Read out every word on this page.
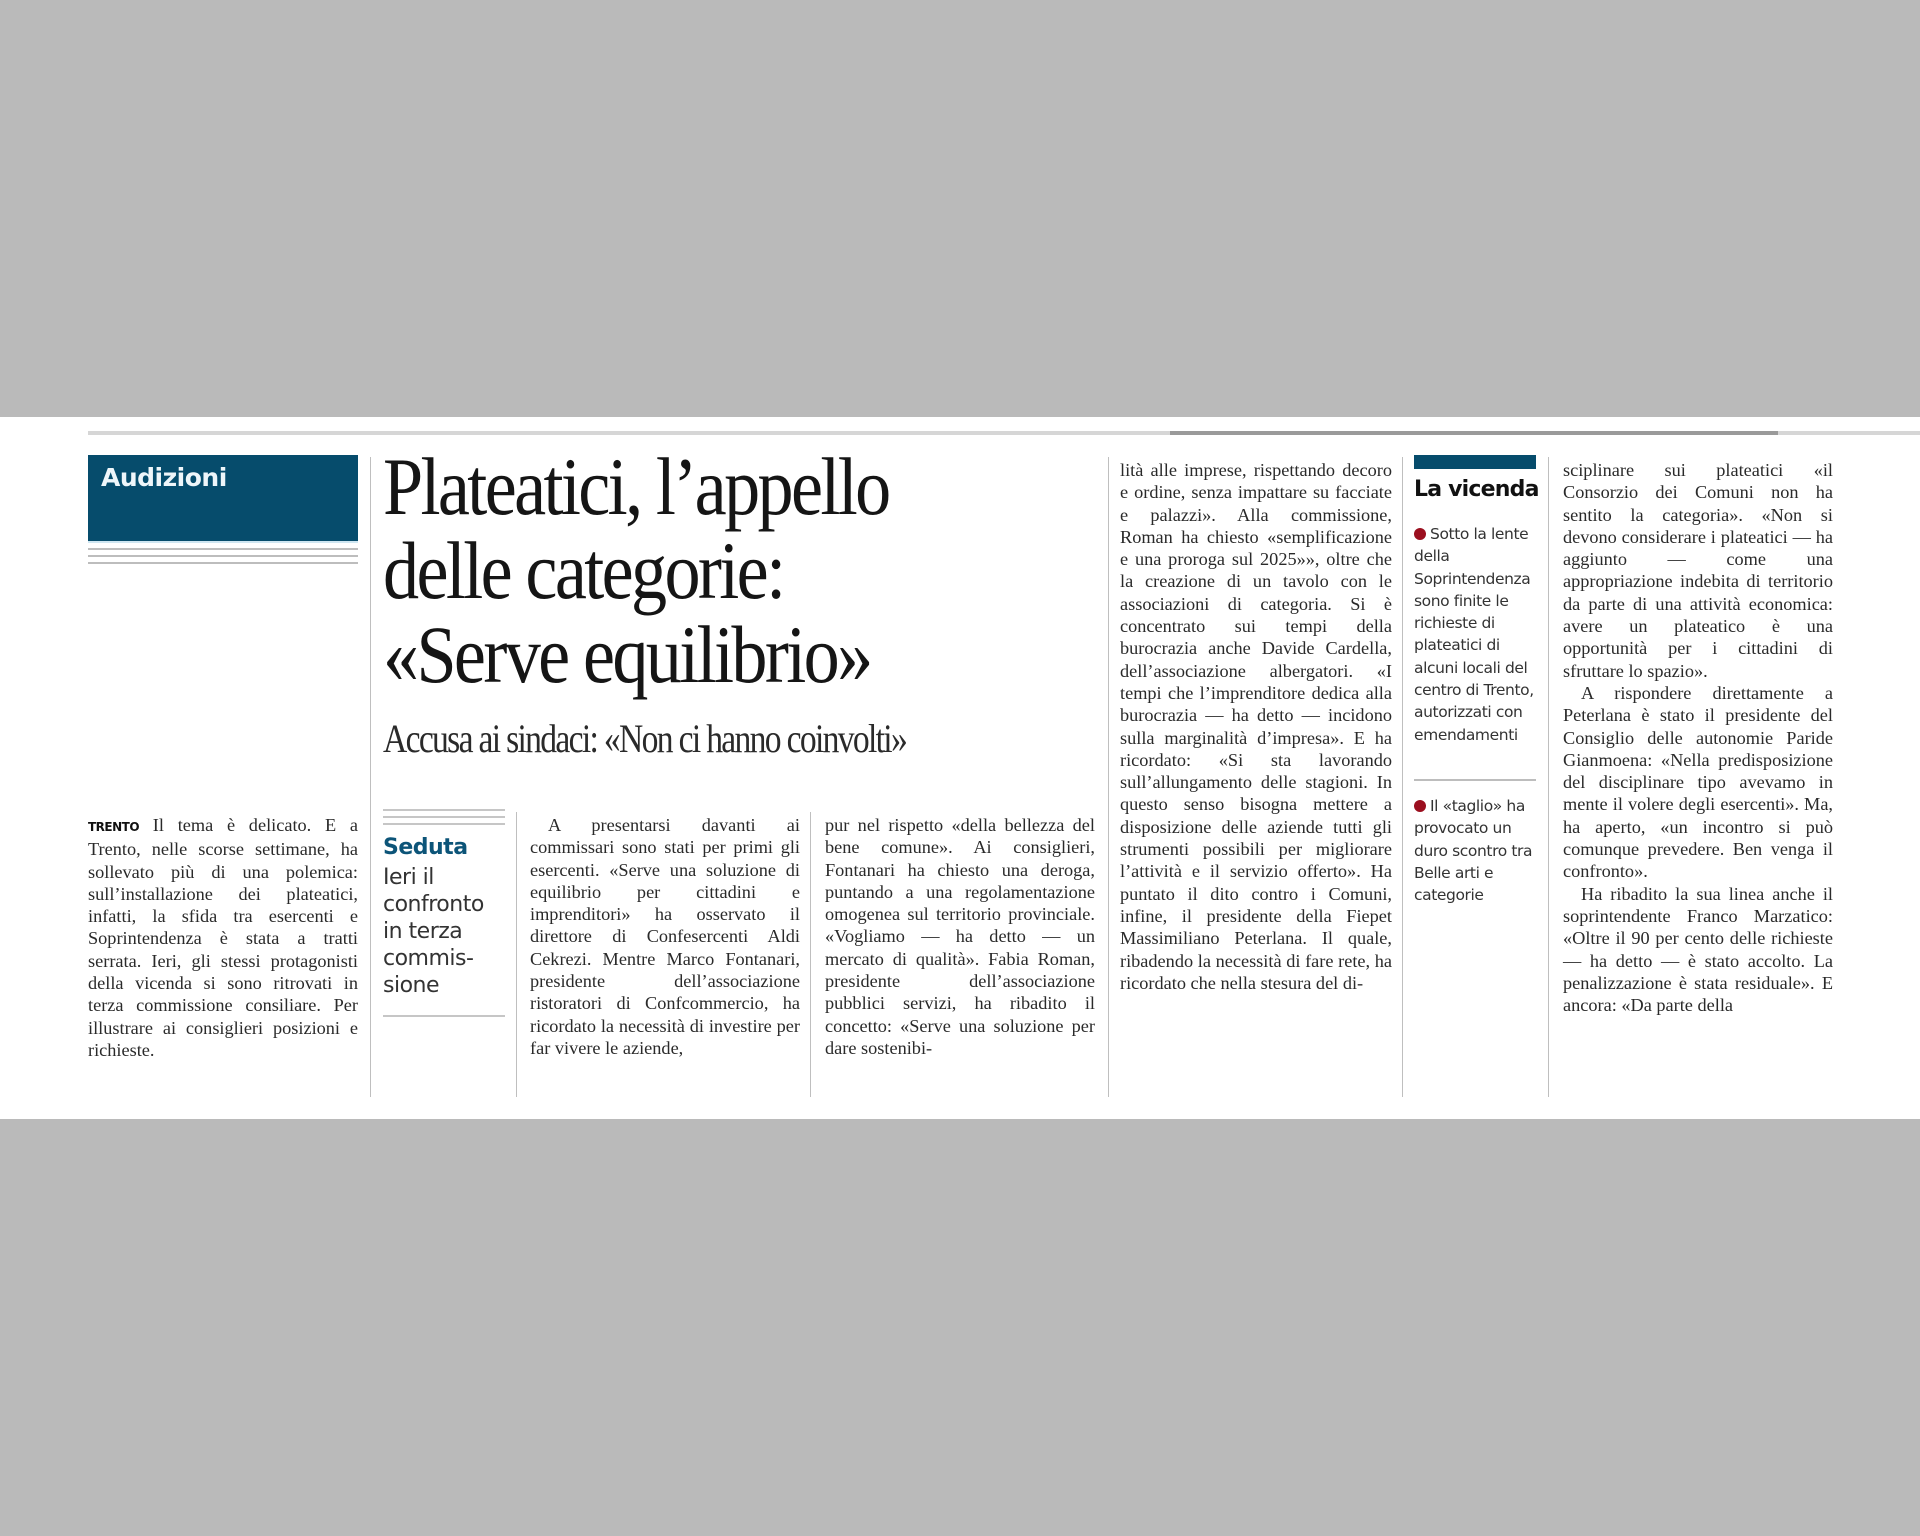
Audizioni

TRENTO Il tema è delicato. E a Trento, nelle scorse settimane, ha sollevato più di una polemica: sull’installazione dei plateatici, infatti, la sfida tra esercenti e Soprintendenza è stata a tratti serrata. Ieri, gli stessi protagonisti della vicenda si sono ritrovati in terza commissione consiliare. Per illustrare ai consiglieri posizioni e richieste.

Plateatici, l’appello
delle categorie:
«Serve equilibrio»
Accusa ai sindaci: «Non ci hanno coinvolti»
Seduta
Ieri il confronto in terza commis-sione

A presentarsi davanti ai commissari sono stati per primi gli esercenti. «Serve una soluzione di equilibrio per cittadini e imprenditori» ha osservato il direttore di Confesercenti Aldi Cekrezi. Mentre Marco Fontanari, presidente dell’associazione ristoratori di Confcommercio, ha ricordato la necessità di investire per far vivere le aziende,

pur nel rispetto «della bellezza del bene comune». Ai consiglieri, Fontanari ha chiesto una deroga, puntando a una regolamentazione omogenea sul territorio provinciale. «Vogliamo — ha detto — un mercato di qualità». Fabia Roman, presidente dell’associazione pubblici servizi, ha ribadito il concetto: «Serve una soluzione per dare sostenibi-

lità alle imprese, rispettando decoro e ordine, senza impattare su facciate e palazzi». Alla commissione, Roman ha chiesto «semplificazione e una proroga sul 2025»», oltre che la creazione di un tavolo con le associazioni di categoria. Si è concentrato sui tempi della burocrazia anche Davide Cardella, dell’associazione albergatori. «I tempi che l’imprenditore dedica alla burocrazia — ha detto — incidono sulla marginalità d’impresa». E ha ricordato: «Si sta lavorando sull’allungamento delle stagioni. In questo senso bisogna mettere a disposizione delle aziende tutti gli strumenti possibili per migliorare l’attività e il servizio offerto». Ha puntato il dito contro i Comuni, infine, il presidente della Fiepet Massimiliano Peterlana. Il quale, ribadendo la necessità di fare rete, ha ricordato che nella stesura del di-

La vicenda
Sotto la lente della Soprintendenza sono finite le richieste di plateatici di alcuni locali del centro di Trento, autorizzati con emendamenti
Il «taglio» ha provocato un duro scontro tra Belle arti e categorie

sciplinare sui plateatici «il Consorzio dei Comuni non ha sentito la categoria». «Non si devono considerare i plateatici — ha aggiunto — come una appropriazione indebita di territorio da parte di una attività economica: avere un plateatico è una opportunità per i cittadini di sfruttare lo spazio».

A rispondere direttamente a Peterlana è stato il presidente del Consiglio delle autonomie Paride Gianmoena: «Nella predisposizione del disciplinare tipo avevamo in mente il volere degli esercenti». Ma, ha aperto, «un incontro si può comunque prevedere. Ben venga il confronto».

Ha ribadito la sua linea anche il soprintendente Franco Marzatico: «Oltre il 90 per cento delle richieste — ha detto — è stato accolto. La penalizzazione è stata residuale». E ancora: «Da parte della
